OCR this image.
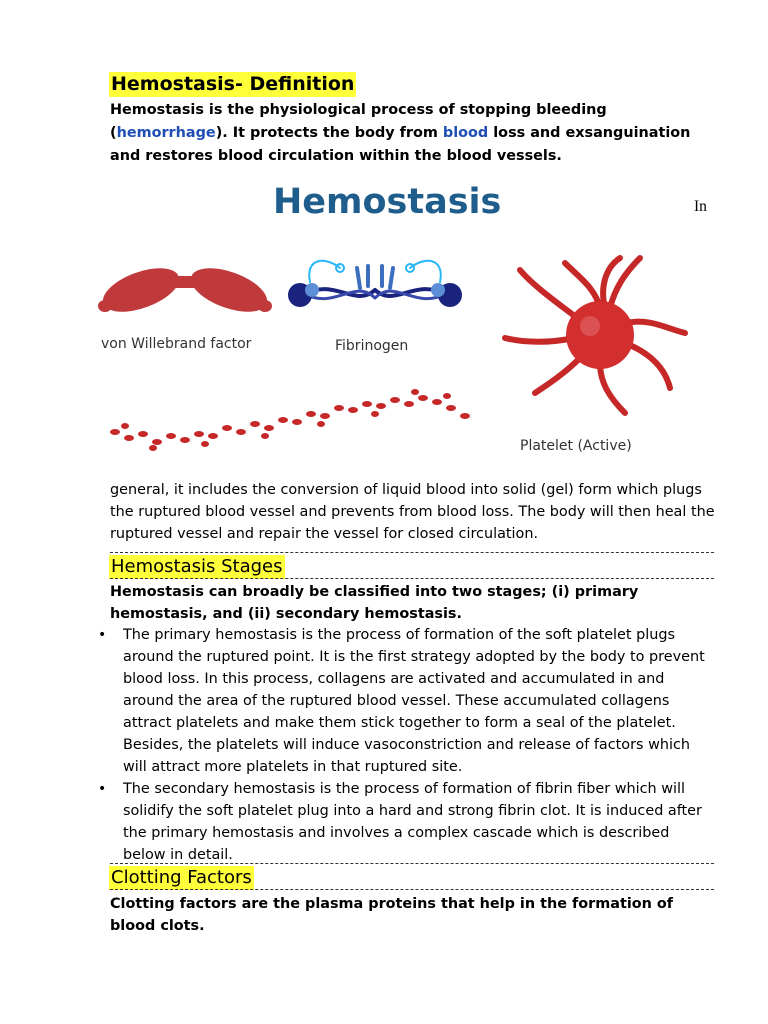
Hemostasis- Definition
Hemostasis is the physiological process of stopping bleeding (hemorrhage). It protects the body from blood loss and exsanguination and restores blood circulation within the blood vessels.
Hemostasis
von Willebrand factor	Fibrinogen
Platelet (Active)
In
general, it includes the conversion of liquid blood into solid (gel) form which plugs the ruptured blood vessel and prevents from blood loss. The body will then heal the ruptured vessel and repair the vessel for closed circulation.
Hemostasis Stages
Hemostasis can broadly be classified into two stages; (i) primary hemostasis, and (ii) secondary hemostasis.
• The primary hemostasis is the process of formation of the soft platelet plugs around the ruptured point. It is the first strategy adopted by the body to prevent blood loss. In this process, collagens are activated and accumulated in and around the area of the ruptured blood vessel. These accumulated collagens attract platelets and make them stick together to form a seal of the platelet. Besides, the platelets will induce vasoconstriction and release of factors which will attract more platelets in that ruptured site.
• The secondary hemostasis is the process of formation of fibrin fiber which will solidify the soft platelet plug into a hard and strong fibrin clot. It is induced after the primary hemostasis and involves a complex cascade which is described below in detail.
Clotting Factors
Clotting factors are the plasma proteins that help in the formation of blood clots.
